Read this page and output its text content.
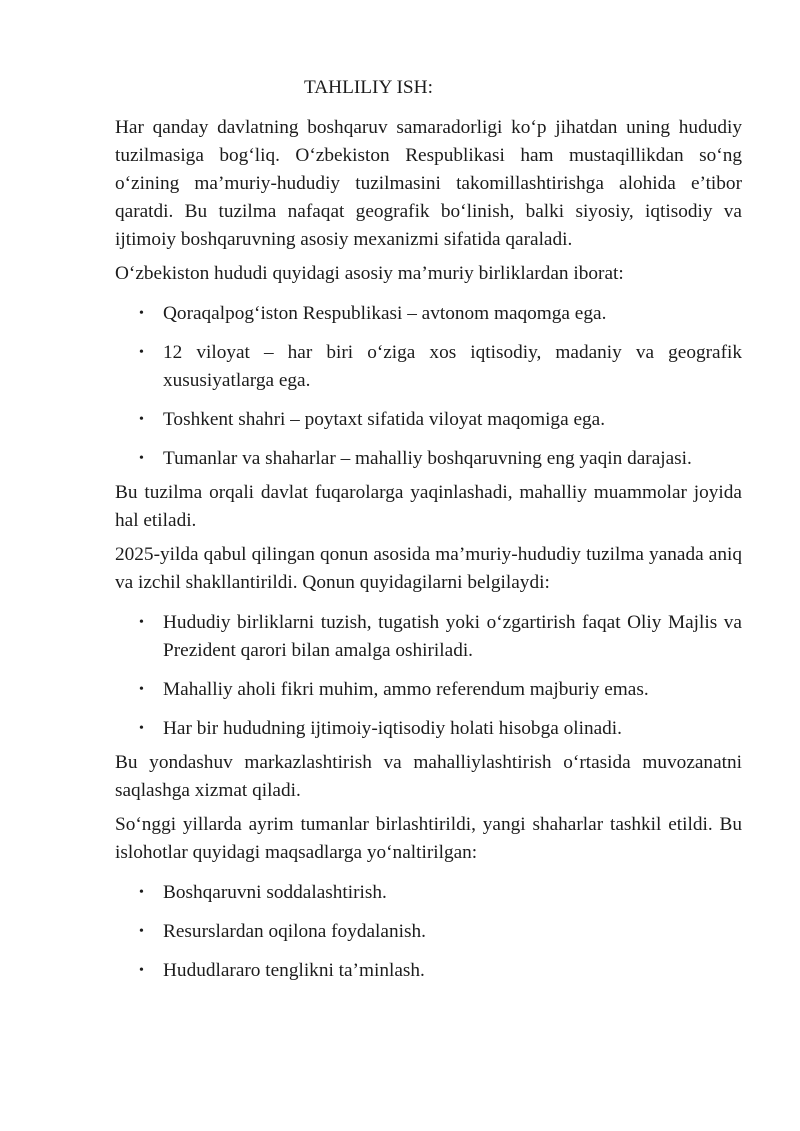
TAHLILIY ISH:

Har qanday davlatning boshqaruv samaradorligi ko‘p jihatdan uning hududiy tuzilmasiga bog‘liq. O‘zbekiston Respublikasi ham mustaqillikdan so‘ng o‘zining ma’muriy-hududiy tuzilmasini takomillashtirishga alohida e’tibor qaratdi. Bu tuzilma nafaqat geografik bo‘linish, balki siyosiy, iqtisodiy va ijtimoiy boshqaruvning asosiy mexanizmi sifatida qaraladi.

O‘zbekiston hududi quyidagi asosiy ma’muriy birliklardan iborat:

• Qoraqalpog‘iston Respublikasi – avtonom maqomga ega.
• 12 viloyat – har biri o‘ziga xos iqtisodiy, madaniy va geografik xususiyatlarga ega.
• Toshkent shahri – poytaxt sifatida viloyat maqomiga ega.
• Tumanlar va shaharlar – mahalliy boshqaruvning eng yaqin darajasi.

Bu tuzilma orqali davlat fuqarolarga yaqinlashadi, mahalliy muammolar joyida hal etiladi.

2025-yilda qabul qilingan qonun asosida ma’muriy-hududiy tuzilma yanada aniq va izchil shakllantirildi. Qonun quyidagilarni belgilaydi:

• Hududiy birliklarni tuzish, tugatish yoki o‘zgartirish faqat Oliy Majlis va Prezident qarori bilan amalga oshiriladi.
• Mahalliy aholi fikri muhim, ammo referendum majburiy emas.
• Har bir hududning ijtimoiy-iqtisodiy holati hisobga olinadi.

Bu yondashuv markazlashtirish va mahalliylashtirish o‘rtasida muvozanatni saqlashga xizmat qiladi.

So‘nggi yillarda ayrim tumanlar birlashtirildi, yangi shaharlar tashkil etildi. Bu islohotlar quyidagi maqsadlarga yo‘naltirilgan:

• Boshqaruvni soddalashtirish.
• Resurslardan oqilona foydalanish.
• Hududlararo tenglikni ta’minlash.
